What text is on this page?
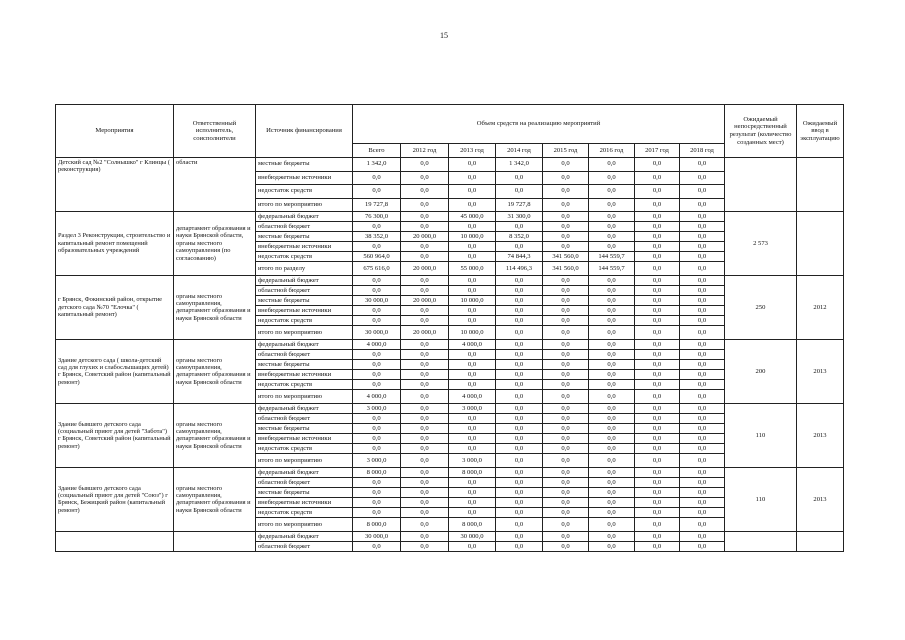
15
Мероприятия	Ответственный исполнитель, соисполнители	Источник финансирования	Объем средств на реализацию мероприятий								Ожидаемый непосредственный результат (количество созданных мест)	Ожидаемый ввод в эксплуатацию
			Всего	2012 год	2013 год	2014 год	2015 год	2016 год	2017 год	2018 год		
Детский сад №2 "Солнышко" г Клинцы ( реконструкция)	области	местные бюджеты	1 342,0	0,0	0,0	1 342,0	0,0	0,0	0,0	0,0		
		внебюджетные источники	0,0	0,0	0,0	0,0	0,0	0,0	0,0	0,0		
		недостаток средств	0,0	0,0	0,0	0,0	0,0	0,0	0,0	0,0		
		итого по мероприятию	19 727,8	0,0	0,0	19 727,8	0,0	0,0	0,0	0,0		
Раздел 3 Реконструкция, строительство и капитальный ремонт помещений образовательных учреждений	департамент образования и науки Брянской области, органы местного самоуправления (по согласованию)	федеральный бюджет	76 300,0	0,0	45 000,0	31 300,0	0,0	0,0	0,0	0,0	2 573	
		областной бюджет	0,0	0,0	0,0	0,0	0,0	0,0	0,0	0,0		
		местные бюджеты	38 352,0	20 000,0	10 000,0	8 352,0	0,0	0,0	0,0	0,0		
		внебюджетные источники	0,0	0,0	0,0	0,0	0,0	0,0	0,0	0,0		
		недостаток средств	560 964,0	0,0	0,0	74 844,3	341 560,0	144 559,7	0,0	0,0		
		итого по разделу	675 616,0	20 000,0	55 000,0	114 496,3	341 560,0	144 559,7	0,0	0,0		
г Брянск, Фокинский район, открытие детского сада №70 "Елочка" ( капитальный ремонт)	органы местного самоуправления, департамент образования и науки Брянской области	федеральный бюджет	0,0	0,0	0,0	0,0	0,0	0,0	0,0	0,0	250	2012
		областной бюджет	0,0	0,0	0,0	0,0	0,0	0,0	0,0	0,0		
		местные бюджеты	30 000,0	20 000,0	10 000,0	0,0	0,0	0,0	0,0	0,0		
		внебюджетные источники	0,0	0,0	0,0	0,0	0,0	0,0	0,0	0,0		
		недостаток средств	0,0	0,0	0,0	0,0	0,0	0,0	0,0	0,0		
		итого по мероприятию	30 000,0	20 000,0	10 000,0	0,0	0,0	0,0	0,0	0,0		
Здание детского сада ( школа-детский сад для глухих и слабослышащих детей) г Брянск, Советский район (капитальный ремонт)	органы местного самоуправления, департамент образования и науки Брянской области	федеральный бюджет	4 000,0	0,0	4 000,0	0,0	0,0	0,0	0,0	0,0	200	2013
		областной бюджет	0,0	0,0	0,0	0,0	0,0	0,0	0,0	0,0		
		местные бюджеты	0,0	0,0	0,0	0,0	0,0	0,0	0,0	0,0		
		внебюджетные источники	0,0	0,0	0,0	0,0	0,0	0,0	0,0	0,0		
		недостаток средств	0,0	0,0	0,0	0,0	0,0	0,0	0,0	0,0		
		итого по мероприятию	4 000,0	0,0	4 000,0	0,0	0,0	0,0	0,0	0,0		
Здание бывшего детского сада (социальный приют для детей "Забота") г Брянск, Советский район (капитальный ремонт)	органы местного самоуправления, департамент образования и науки Брянской области	федеральный бюджет	3 000,0	0,0	3 000,0	0,0	0,0	0,0	0,0	0,0	110	2013
		областной бюджет	0,0	0,0	0,0	0,0	0,0	0,0	0,0	0,0		
		местные бюджеты	0,0	0,0	0,0	0,0	0,0	0,0	0,0	0,0		
		внебюджетные источники	0,0	0,0	0,0	0,0	0,0	0,0	0,0	0,0		
		недостаток средств	0,0	0,0	0,0	0,0	0,0	0,0	0,0	0,0		
		итого по мероприятию	3 000,0	0,0	3 000,0	0,0	0,0	0,0	0,0	0,0		
Здание бывшего детского сада (социальный приют для детей "Союз") г Брянск, Бежицкий район (капитальный ремонт)	органы местного самоуправления, департамент образования и науки Брянской области	федеральный бюджет	8 000,0	0,0	8 000,0	0,0	0,0	0,0	0,0	0,0	110	2013
		областной бюджет	0,0	0,0	0,0	0,0	0,0	0,0	0,0	0,0		
		местные бюджеты	0,0	0,0	0,0	0,0	0,0	0,0	0,0	0,0		
		внебюджетные источники	0,0	0,0	0,0	0,0	0,0	0,0	0,0	0,0		
		недостаток средств	0,0	0,0	0,0	0,0	0,0	0,0	0,0	0,0		
		итого по мероприятию	8 000,0	0,0	8 000,0	0,0	0,0	0,0	0,0	0,0		
		федеральный бюджет	30 000,0	0,0	30 000,0	0,0	0,0	0,0	0,0	0,0		
		областной бюджет	0,0	0,0	0,0	0,0	0,0	0,0	0,0	0,0		
